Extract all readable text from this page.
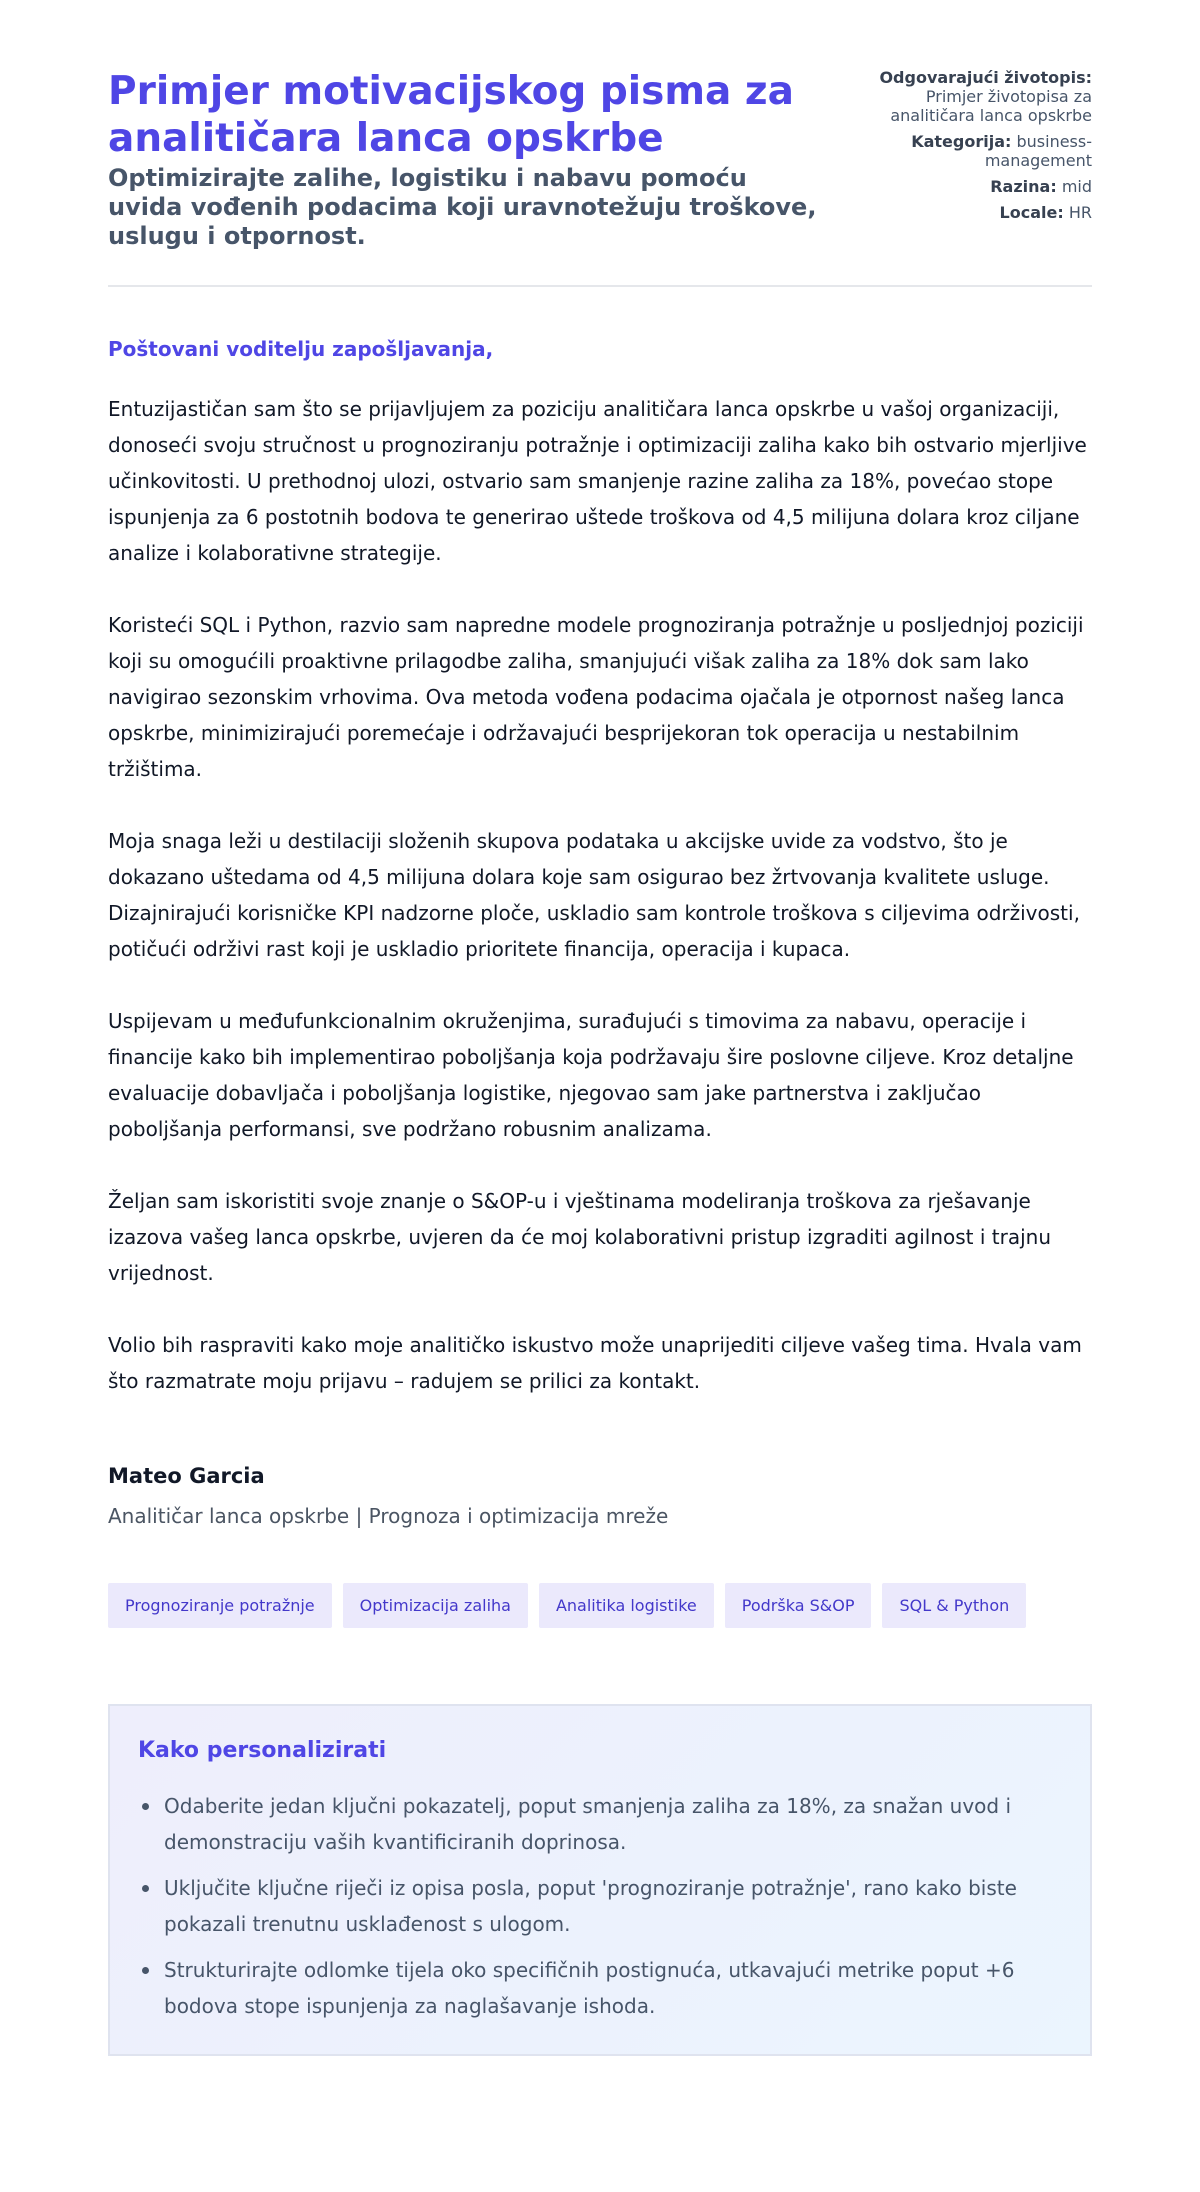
Primjer motivacijskog pisma za analitičara lanca opskrbe
Optimizirajte zalihe, logistiku i nabavu pomoću uvida vođenih podacima koji uravnotežuju troškove, uslugu i otpornost.
Odgovarajući životopis:
Primjer životopisa za analitičara lanca opskrbe
Kategorija: business-management
Razina: mid
Locale: HR

Poštovani voditelju zapošljavanja,

Entuzijastičan sam što se prijavljujem za poziciju analitičara lanca opskrbe u vašoj organizaciji, donoseći svoju stručnost u prognoziranju potražnje i optimizaciji zaliha kako bih ostvario mjerljive učinkovitosti. U prethodnoj ulozi, ostvario sam smanjenje razine zaliha za 18%, povećao stope ispunjenja za 6 postotnih bodova te generirao uštede troškova od 4,5 milijuna dolara kroz ciljane analize i kolaborativne strategije.

Koristeći SQL i Python, razvio sam napredne modele prognoziranja potražnje u posljednjoj poziciji koji su omogućili proaktivne prilagodbe zaliha, smanjujući višak zaliha za 18% dok sam lako navigirao sezonskim vrhovima. Ova metoda vođena podacima ojačala je otpornost našeg lanca opskrbe, minimizirajući poremećaje i održavajući besprijekoran tok operacija u nestabilnim tržištima.

Moja snaga leži u destilaciji složenih skupova podataka u akcijske uvide za vodstvo, što je dokazano uštedama od 4,5 milijuna dolara koje sam osigurao bez žrtvovanja kvalitete usluge. Dizajnirajući korisničke KPI nadzorne ploče, uskladio sam kontrole troškova s ciljevima održivosti, potičući održivi rast koji je uskladio prioritete financija, operacija i kupaca.

Uspijevam u međufunkcionalnim okruženjima, surađujući s timovima za nabavu, operacije i financije kako bih implementirao poboljšanja koja podržavaju šire poslovne ciljeve. Kroz detaljne evaluacije dobavljača i poboljšanja logistike, njegovao sam jake partnerstva i zaključao poboljšanja performansi, sve podržano robusnim analizama.

Željan sam iskoristiti svoje znanje o S&OP-u i vještinama modeliranja troškova za rješavanje izazova vašeg lanca opskrbe, uvjeren da će moj kolaborativni pristup izgraditi agilnost i trajnu vrijednost.

Volio bih raspraviti kako moje analitičko iskustvo može unaprijediti ciljeve vašeg tima. Hvala vam što razmatrate moju prijavu – radujem se prilici za kontakt.

Mateo Garcia
Analitičar lanca opskrbe | Prognoza i optimizacija mreže
Prognoziranje potražnje	Optimizacija zaliha	Analitika logistike	Podrška S&OP	SQL & Python
Kako personalizirati
Odaberite jedan ključni pokazatelj, poput smanjenja zaliha za 18%, za snažan uvod i demonstraciju vaših kvantificiranih doprinosa.
Uključite ključne riječi iz opisa posla, poput 'prognoziranje potražnje', rano kako biste pokazali trenutnu usklađenost s ulogom.
Strukturirajte odlomke tijela oko specifičnih postignuća, utkavajući metrike poput +6 bodova stope ispunjenja za naglašavanje ishoda.
